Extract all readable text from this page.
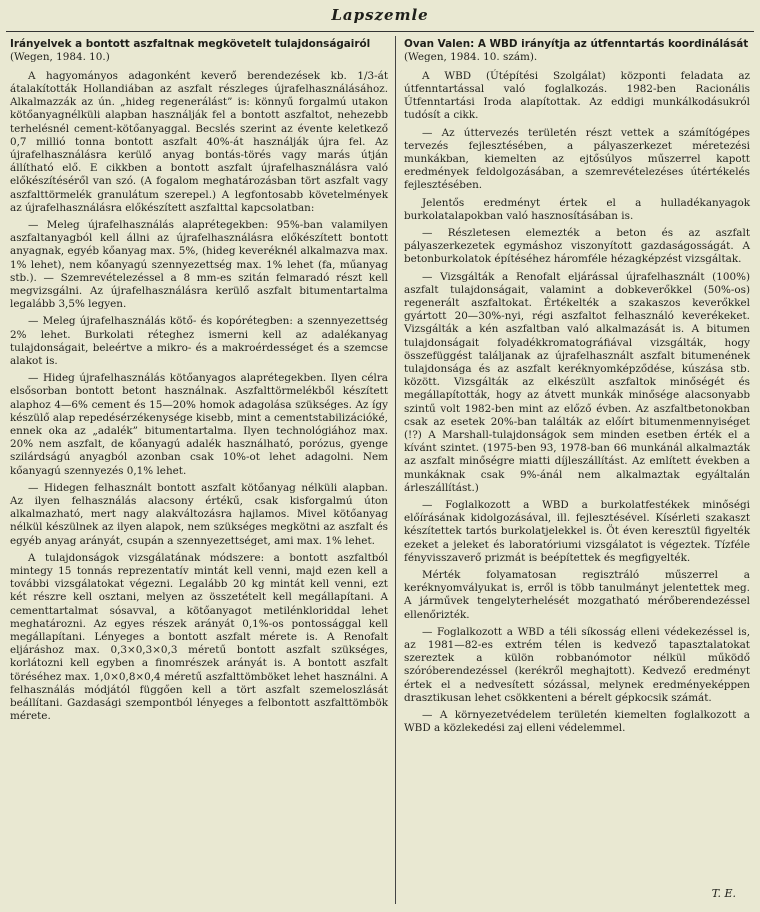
Lapszemle
Irányelvek a bontott aszfaltnak megkövetelt tulajdonságairól
(Wegen, 1984. 10.)

A hagyományos adagonként keverő berendezések kb. 1/3-át átalakították Hollandiában az aszfalt részleges újrafelhasználásához. Alkalmazzák az ún. „hideg regenerálást” is: könnyű forgalmú utakon kötőanyagnélküli alapban használják fel a bontott aszfaltot, nehezebb terhelésnél cement-kötőanyaggal. Becslés szerint az évente keletkező 0,7 millió tonna bontott aszfalt 40%-át használják újra fel. Az újrafelhasználásra kerülő anyag bontás-törés vagy marás útján állítható elő. E cikkben a bontott aszfalt újrafelhasználásra való előkészítéséről van szó. (A fogalom meghatározásban tört aszfalt vagy aszfalttörmelék granulátum szerepel.) A legfontosabb követelmények az újrafelhasználásra előkészített aszfalttal kapcsolatban:

— Meleg újrafelhasználás alaprétegekben: 95%-ban valamilyen aszfaltanyagból kell állni az újrafelhasználásra előkészített bontott anyagnak, egyéb kőanyag max. 5%, (hideg keveréknél alkalmazva max. 1% lehet), nem kőanyagú szennyezettség max. 1% lehet (fa, műanyag stb.). — Szemrevételezéssel a 8 mm-es szitán felmaradó részt kell megvizsgálni. Az újrafelhasználásra kerülő aszfalt bitumentartalma legalább 3,5% legyen.

— Meleg újrafelhasználás kötő- és kopórétegben: a szennyezettség 2% lehet. Burkolati réteghez ismerni kell az adalékanyag tulajdonságait, beleértve a mikro- és a makroérdességet és a szemcse alakot is.

— Hideg újrafelhasználás kötőanyagos alaprétegekben. Ilyen célra elsősorban bontott betont használnak. Aszfalttörmelékből készített alaphoz 4—6% cement és 15—20% homok adagolása szükséges. Az így készülő alap repedésérzékenysége kisebb, mint a cementstabilizációké, ennek oka az „adalék” bitumentartalma. Ilyen technológiához max. 20% nem aszfalt, de kőanyagú adalék használható, porózus, gyenge szilárdságú anyagból azonban csak 10%-ot lehet adagolni. Nem kőanyagú szennyezés 0,1% lehet.

— Hidegen felhasznált bontott aszfalt kötőanyag nélküli alapban. Az ilyen felhasználás alacsony értékű, csak kisforgalmú úton alkalmazható, mert nagy alakváltozásra hajlamos. Mivel kötőanyag nélkül készülnek az ilyen alapok, nem szükséges megkötni az aszfalt és egyéb anyag arányát, csupán a szennyezettséget, ami max. 1% lehet.

A tulajdonságok vizsgálatának módszere: a bontott aszfaltból mintegy 15 tonnás reprezentatív mintát kell venni, majd ezen kell a további vizsgálatokat végezni. Legalább 20 kg mintát kell venni, ezt két részre kell osztani, melyen az összetételt kell megállapítani. A cementtartalmat sósavval, a kötőanyagot metilénkloriddal lehet meghatározni. Az egyes részek arányát 0,1%-os pontossággal kell megállapítani. Lényeges a bontott aszfalt mérete is. A Renofalt eljáráshoz max. 0,3×0,3×0,3 méretű bontott aszfalt szükséges, korlátozni kell egyben a finomrészek arányát is. A bontott aszfalt töréséhez max. 1,0×0,8×0,4 méretű aszfalttömböket lehet használni. A felhasználás módjától függően kell a tört aszfalt szemeloszlását beállítani. Gazdasági szempontból lényeges a felbontott aszfalttömbök mérete.

Ovan Valen: A WBD irányítja az útfenntartás koordinálását
(Wegen, 1984. 10. szám).

A WBD (Útépítési Szolgálat) központi feladata az útfenntartással való foglalkozás. 1982-ben Racionális Útfenntartási Iroda alapítottak. Az eddigi munkálkodásukról tudósít a cikk.

— Az úttervezés területén részt vettek a számítógépes tervezés fejlesztésében, a pályaszerkezet méretezési munkákban, kiemelten az ejtősúlyos műszerrel kapott eredmények feldolgozásában, a szemrevételezéses útértékelés fejlesztésében.

Jelentős eredményt értek el a hulladékanyagok burkolatalapokban való hasznosításában is.

— Részletesen elemezték a beton és az aszfalt pályaszerkezetek egymáshoz viszonyított gazdaságosságát. A betonburkolatok építéséhez háromféle hézagképzést vizsgáltak.

— Vizsgálták a Renofalt eljárással újrafelhasznált (100%) aszfalt tulajdonságait, valamint a dobkeverőkkel (50%-os) regenerált aszfaltokat. Értékelték a szakaszos keverőkkel gyártott 20—30%-nyi, régi aszfaltot felhasználó keverékeket. Vizsgálták a kén aszfaltban való alkalmazását is. A bitumen tulajdonságait folyadékkromatográfiával vizsgálták, hogy összefüggést találjanak az újrafelhasznált aszfalt bitumenének tulajdonsága és az aszfalt keréknyomképződése, kúszása stb. között. Vizsgálták az elkészült aszfaltok minőségét és megállapították, hogy az átvett munkák minősége alacsonyabb szintű volt 1982-ben mint az előző évben. Az aszfaltbetonokban csak az esetek 20%-ban találták az előírt bitumenmennyiséget (!?) A Marshall-tulajdonságok sem minden esetben érték el a kívánt szintet. (1975-ben 93, 1978-ban 66 munkánál alkalmazták az aszfalt minőségre miatti díjleszállítást. Az említett években a munkáknak csak 9%-ánál nem alkalmaztak egyáltalán árleszállítást.)

— Foglalkozott a WBD a burkolatfestékek minőségi előírásának kidolgozásával, ill. fejlesztésével. Kísérleti szakaszt készítettek tartós burkolatjelekkel is. Öt éven keresztül figyelték ezeket a jeleket és laboratóriumi vizsgálatot is végeztek. Tízféle fényvisszaverő prizmát is beépítettek és megfigyelték.

Mérték folyamatosan regisztráló műszerrel a keréknyomvályukat is, erről is több tanulmányt jelentettek meg. A járművek tengelyterhelését mozgatható mérőberendezéssel ellenőrizték.

— Foglalkozott a WBD a téli síkosság elleni védekezéssel is, az 1981—82-es extrém télen is kedvező tapasztalatokat szereztek a külön robbanómotor nélkül működő szóróberendezéssel (kerékről meghajtott). Kedvező eredményt értek el a nedvesített sózással, melynek eredményeképpen drasztikusan lehet csökkenteni a bérelt gépkocsik számát.

— A környezetvédelem területén kiemelten foglalkozott a WBD a közlekedési zaj elleni védelemmel.

T. E.
